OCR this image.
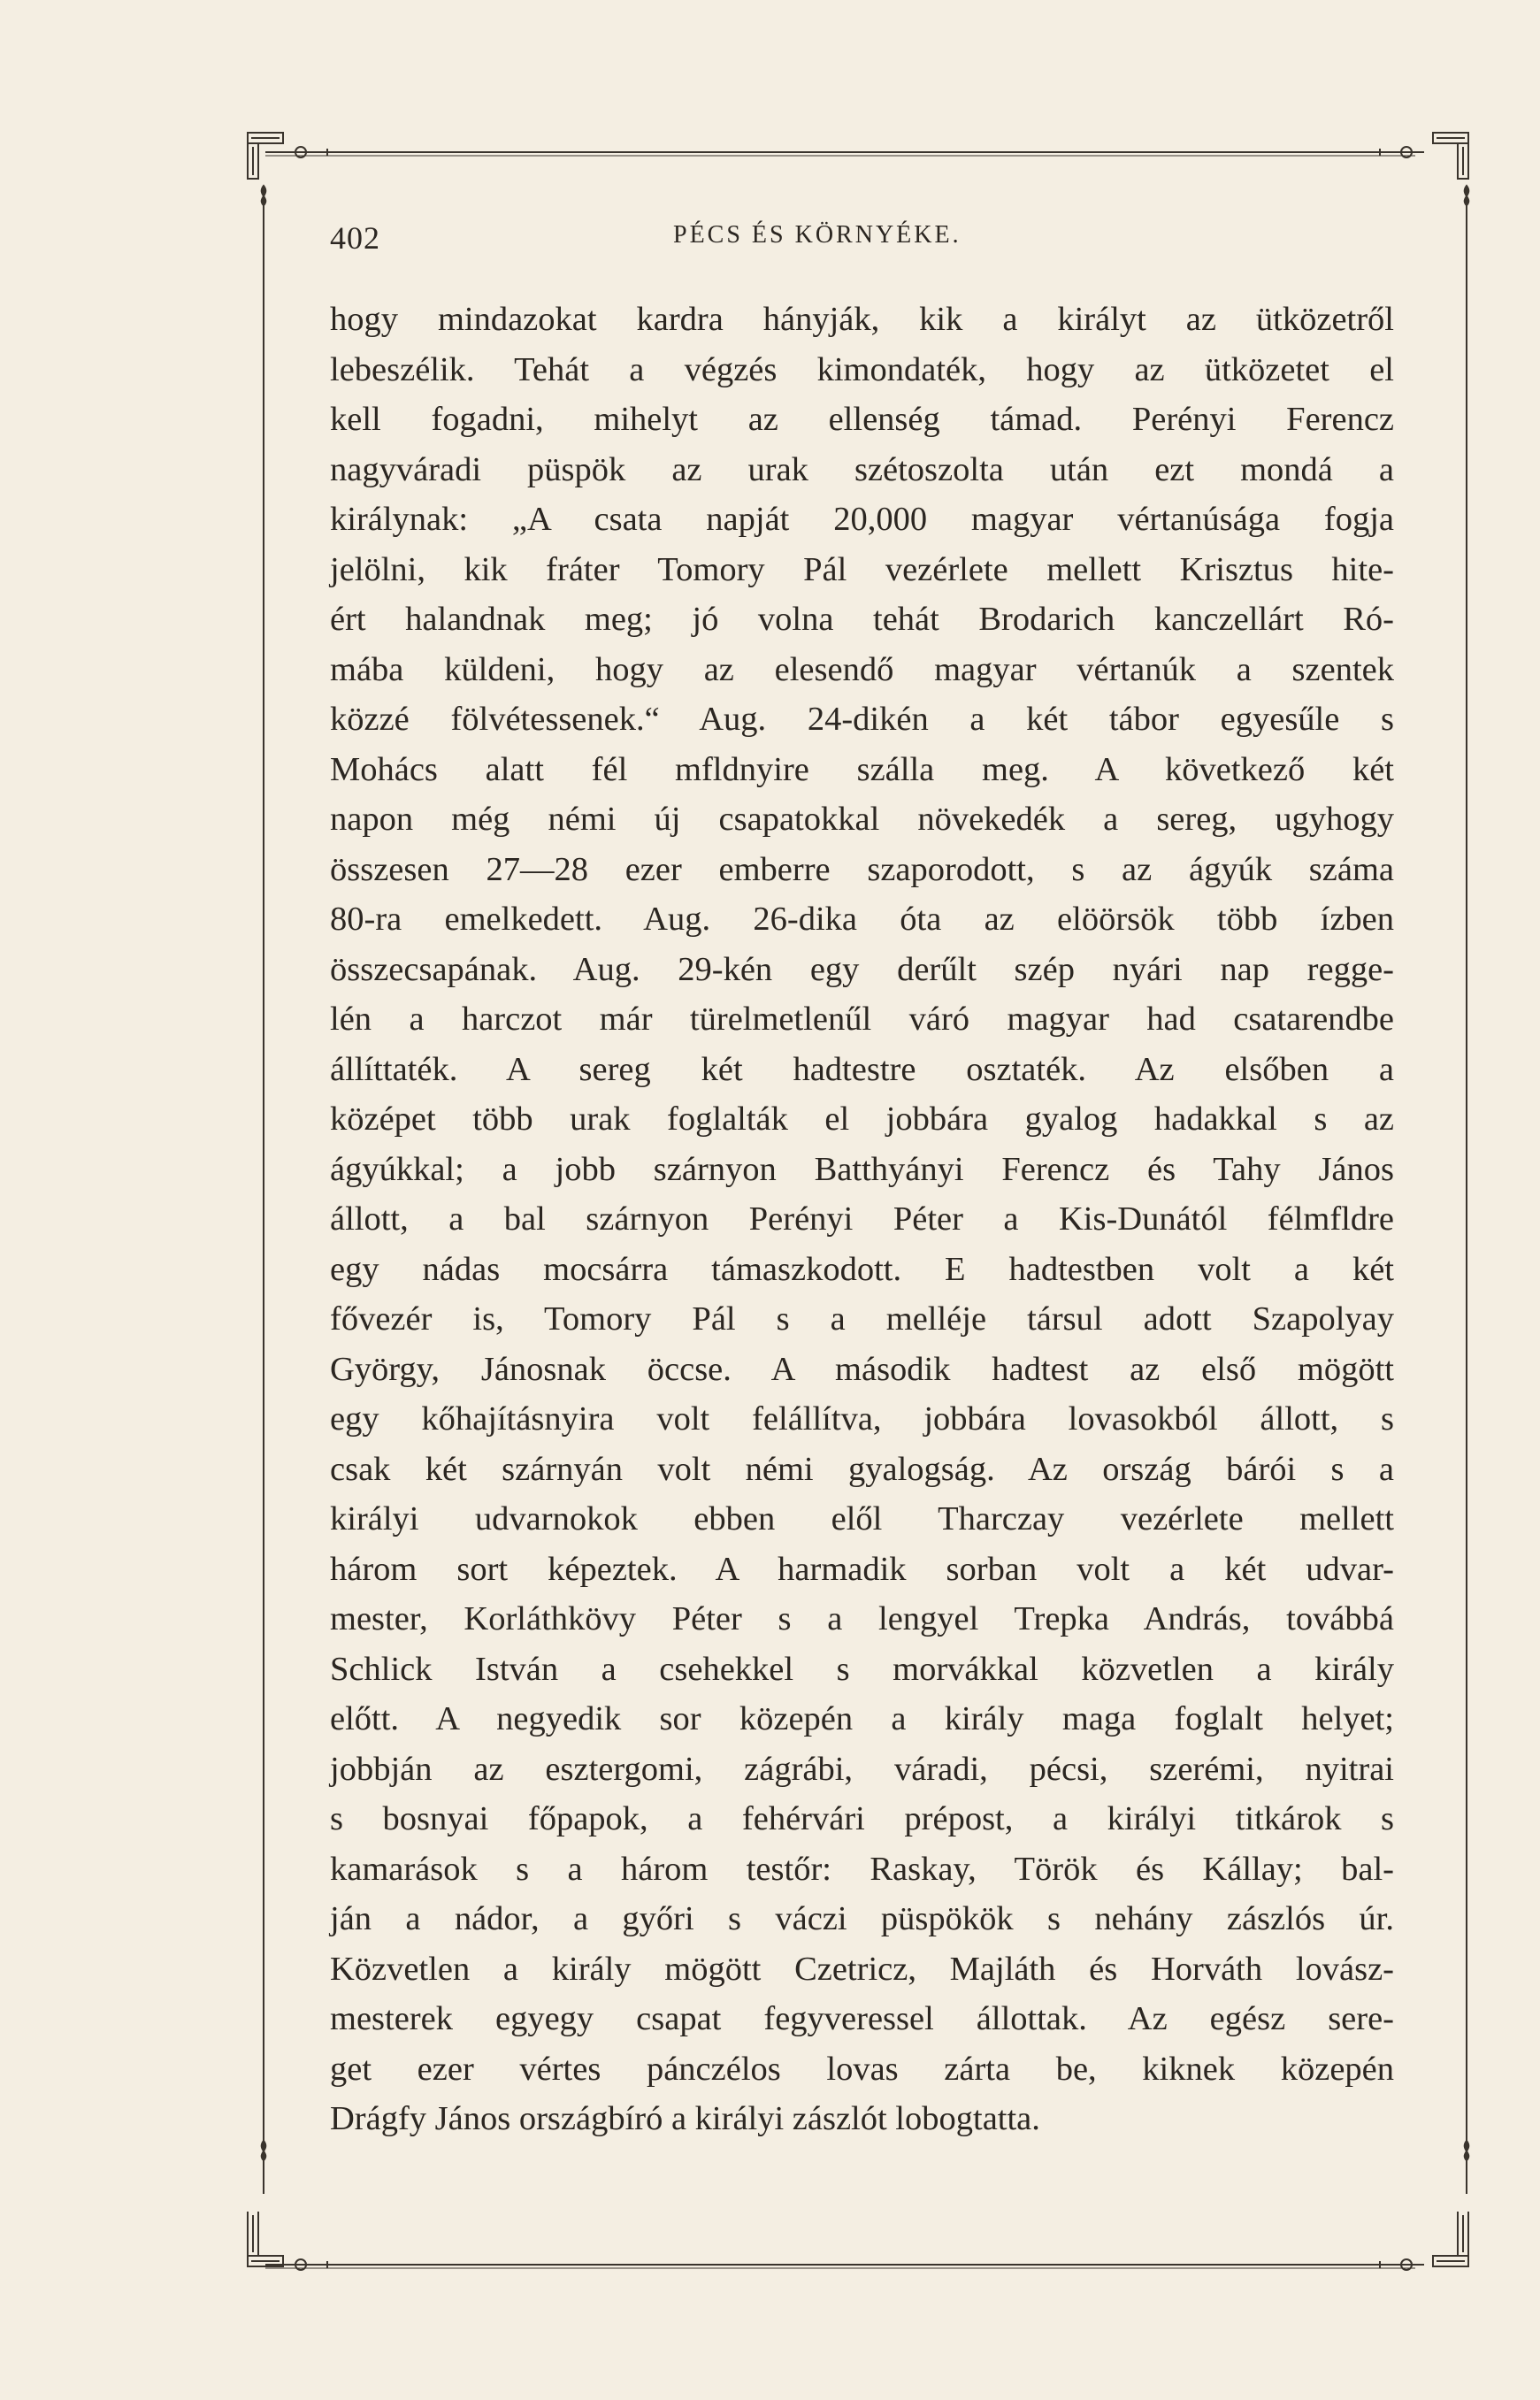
402	PÉCS ÉS KÖRNYÉKE.
hogy mindazokat kardra hányják, kik a királyt az ütközetről
lebeszélik. Tehát a végzés kimondaték, hogy az ütközetet el
kell fogadni, mihelyt az ellenség támad. Perényi Ferencz
nagyváradi püspök az urak szétoszolta után ezt mondá a
királynak: „A csata napját 20,000 magyar vértanúsága fogja
jelölni, kik fráter Tomory Pál vezérlete mellett Krisztus hite-
ért halandnak meg; jó volna tehát Brodarich kanczellárt Ró-
mába küldeni, hogy az elesendő magyar vértanúk a szentek
közzé fölvétessenek.“ Aug. 24-dikén a két tábor egyesűle s
Mohács alatt fél mfldnyire szálla meg. A következő két
napon még némi új csapatokkal növekedék a sereg, ugyhogy
összesen 27—28 ezer emberre szaporodott, s az ágyúk száma
80-ra emelkedett. Aug. 26-dika óta az elöörsök több ízben
összecsapának. Aug. 29-kén egy derűlt szép nyári nap regge-
lén a harczot már türelmetlenűl váró magyar had csatarendbe
állíttaték. A sereg két hadtestre osztaték. Az elsőben a
középet több urak foglalták el jobbára gyalog hadakkal s az
ágyúkkal; a jobb szárnyon Batthyányi Ferencz és Tahy János
állott, a bal szárnyon Perényi Péter a Kis-Dunától félmfldre
egy nádas mocsárra támaszkodott. E hadtestben volt a két
fővezér is, Tomory Pál s a melléje társul adott Szapolyay
György, Jánosnak öccse. A második hadtest az első mögött
egy kőhajításnyira volt felállítva, jobbára lovasokból állott, s
csak két szárnyán volt némi gyalogság. Az ország bárói s a
királyi udvarnokok ebben elől Tharczay vezérlete mellett
három sort képeztek. A harmadik sorban volt a két udvar-
mester, Korláthkövy Péter s a lengyel Trepka András, továbbá
Schlick István a csehekkel s morvákkal közvetlen a király
előtt. A negyedik sor közepén a király maga foglalt helyet;
jobbján az esztergomi, zágrábi, váradi, pécsi, szerémi, nyitrai
s bosnyai főpapok, a fehérvári prépost, a királyi titkárok s
kamarások s a három testőr: Raskay, Török és Kállay; bal-
ján a nádor, a győri s váczi püspökök s nehány zászlós úr.
Közvetlen a király mögött Czetricz, Majláth és Horváth lovász-
mesterek egyegy csapat fegyveressel állottak. Az egész sere-
get ezer vértes pánczélos lovas zárta be, kiknek közepén
Drágfy János országbíró a királyi zászlót lobogtatta.
